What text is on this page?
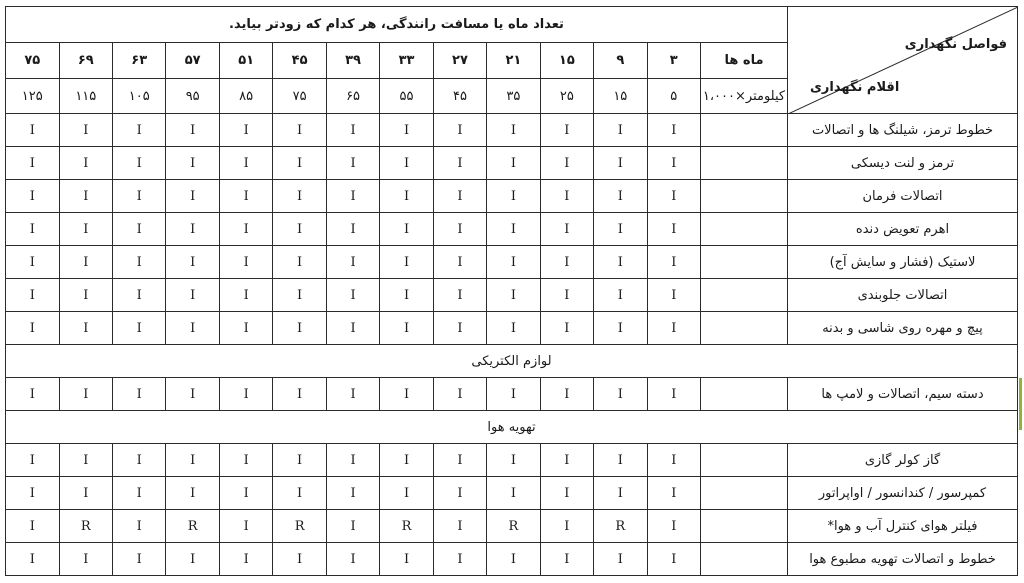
فواصل نگهداری
اقلام نگهداری	تعداد ماه یا مسافت رانندگی، هر کدام که زودتر بیاید.													
	ماه ها	۳	۹	۱۵	۲۱	۲۷	۳۳	۳۹	۴۵	۵۱	۵۷	۶۳	۶۹	۷۵
	کیلومتر×۱،۰۰۰	۵	۱۵	۲۵	۳۵	۴۵	۵۵	۶۵	۷۵	۸۵	۹۵	۱۰۵	۱۱۵	۱۲۵
خطوط ترمز، شیلنگ ها و اتصالات		I	I	I	I	I	I	I	I	I	I	I	I	I
ترمز و لنت دیسکی		I	I	I	I	I	I	I	I	I	I	I	I	I
اتصالات فرمان		I	I	I	I	I	I	I	I	I	I	I	I	I
اهرم تعویض دنده		I	I	I	I	I	I	I	I	I	I	I	I	I
لاستیک (فشار و سایش آج)		I	I	I	I	I	I	I	I	I	I	I	I	I
اتصالات جلوبندی		I	I	I	I	I	I	I	I	I	I	I	I	I
پیچ و مهره روی شاسی و بدنه		I	I	I	I	I	I	I	I	I	I	I	I	I
لوازم الکتریکی														
دسته سیم، اتصالات و لامپ ها		I	I	I	I	I	I	I	I	I	I	I	I	I
تهویه هوا														
گاز کولر گازی		I	I	I	I	I	I	I	I	I	I	I	I	I
کمپرسور / کندانسور / اواپراتور		I	I	I	I	I	I	I	I	I	I	I	I	I
فیلتر هوای کنترل آب و هوا*		I	R	I	R	I	R	I	R	I	R	I	R	I
خطوط و اتصالات تهویه مطبوع هوا		I	I	I	I	I	I	I	I	I	I	I	I	I
